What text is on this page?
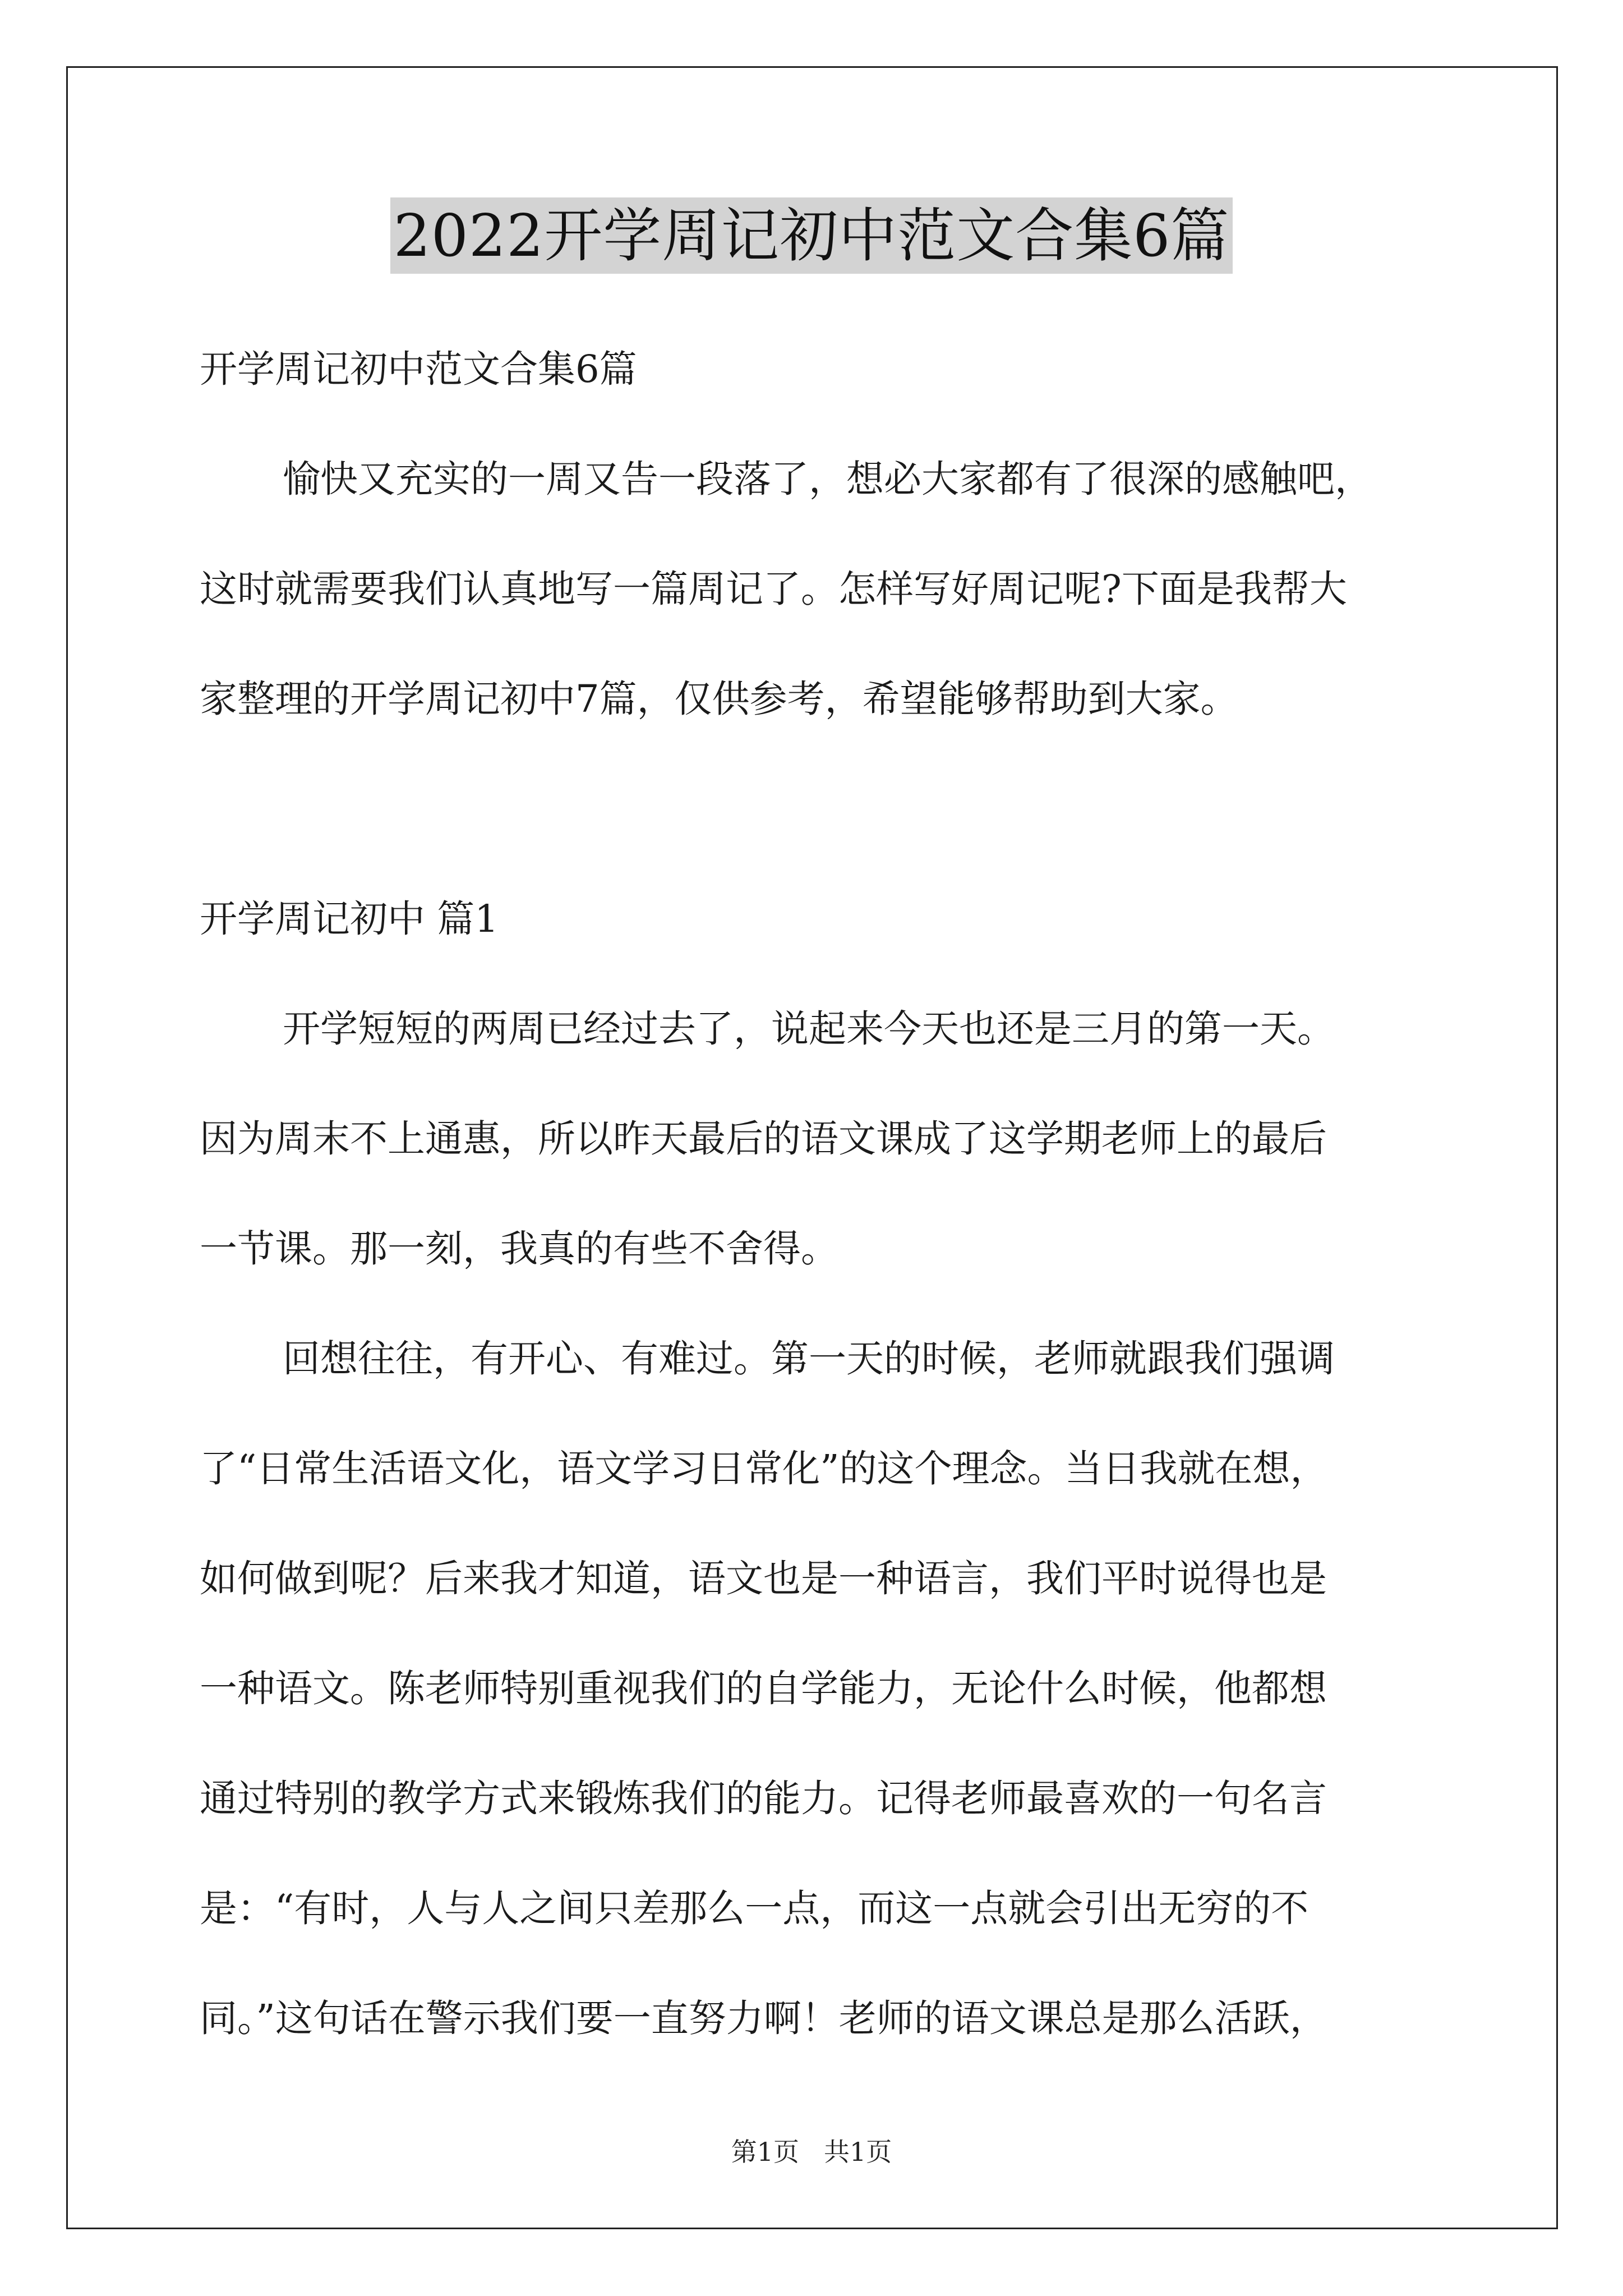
2022开学周记初中范文合集6篇
开学周记初中范文合集6篇
愉快又充实的一周又告一段落了，想必大家都有了很深的感触吧，
这时就需要我们认真地写一篇周记了。怎样写好周记呢?下面是我帮大
家整理的开学周记初中7篇，仅供参考，希望能够帮助到大家。
开学周记初中 篇1
开学短短的两周已经过去了，说起来今天也还是三月的第一天。
因为周末不上通惠，所以昨天最后的语文课成了这学期老师上的最后
一节课。那一刻，我真的有些不舍得。
回想往往，有开心、有难过。第一天的时候，老师就跟我们强调
了“日常生活语文化，语文学习日常化”的这个理念。当日我就在想，
如何做到呢？后来我才知道，语文也是一种语言，我们平时说得也是
一种语文。陈老师特别重视我们的自学能力，无论什么时候，他都想
通过特别的教学方式来锻炼我们的能力。记得老师最喜欢的一句名言
是：“有时，人与人之间只差那么一点，而这一点就会引出无穷的不
同。”这句话在警示我们要一直努力啊！老师的语文课总是那么活跃，
第1页 共1页
